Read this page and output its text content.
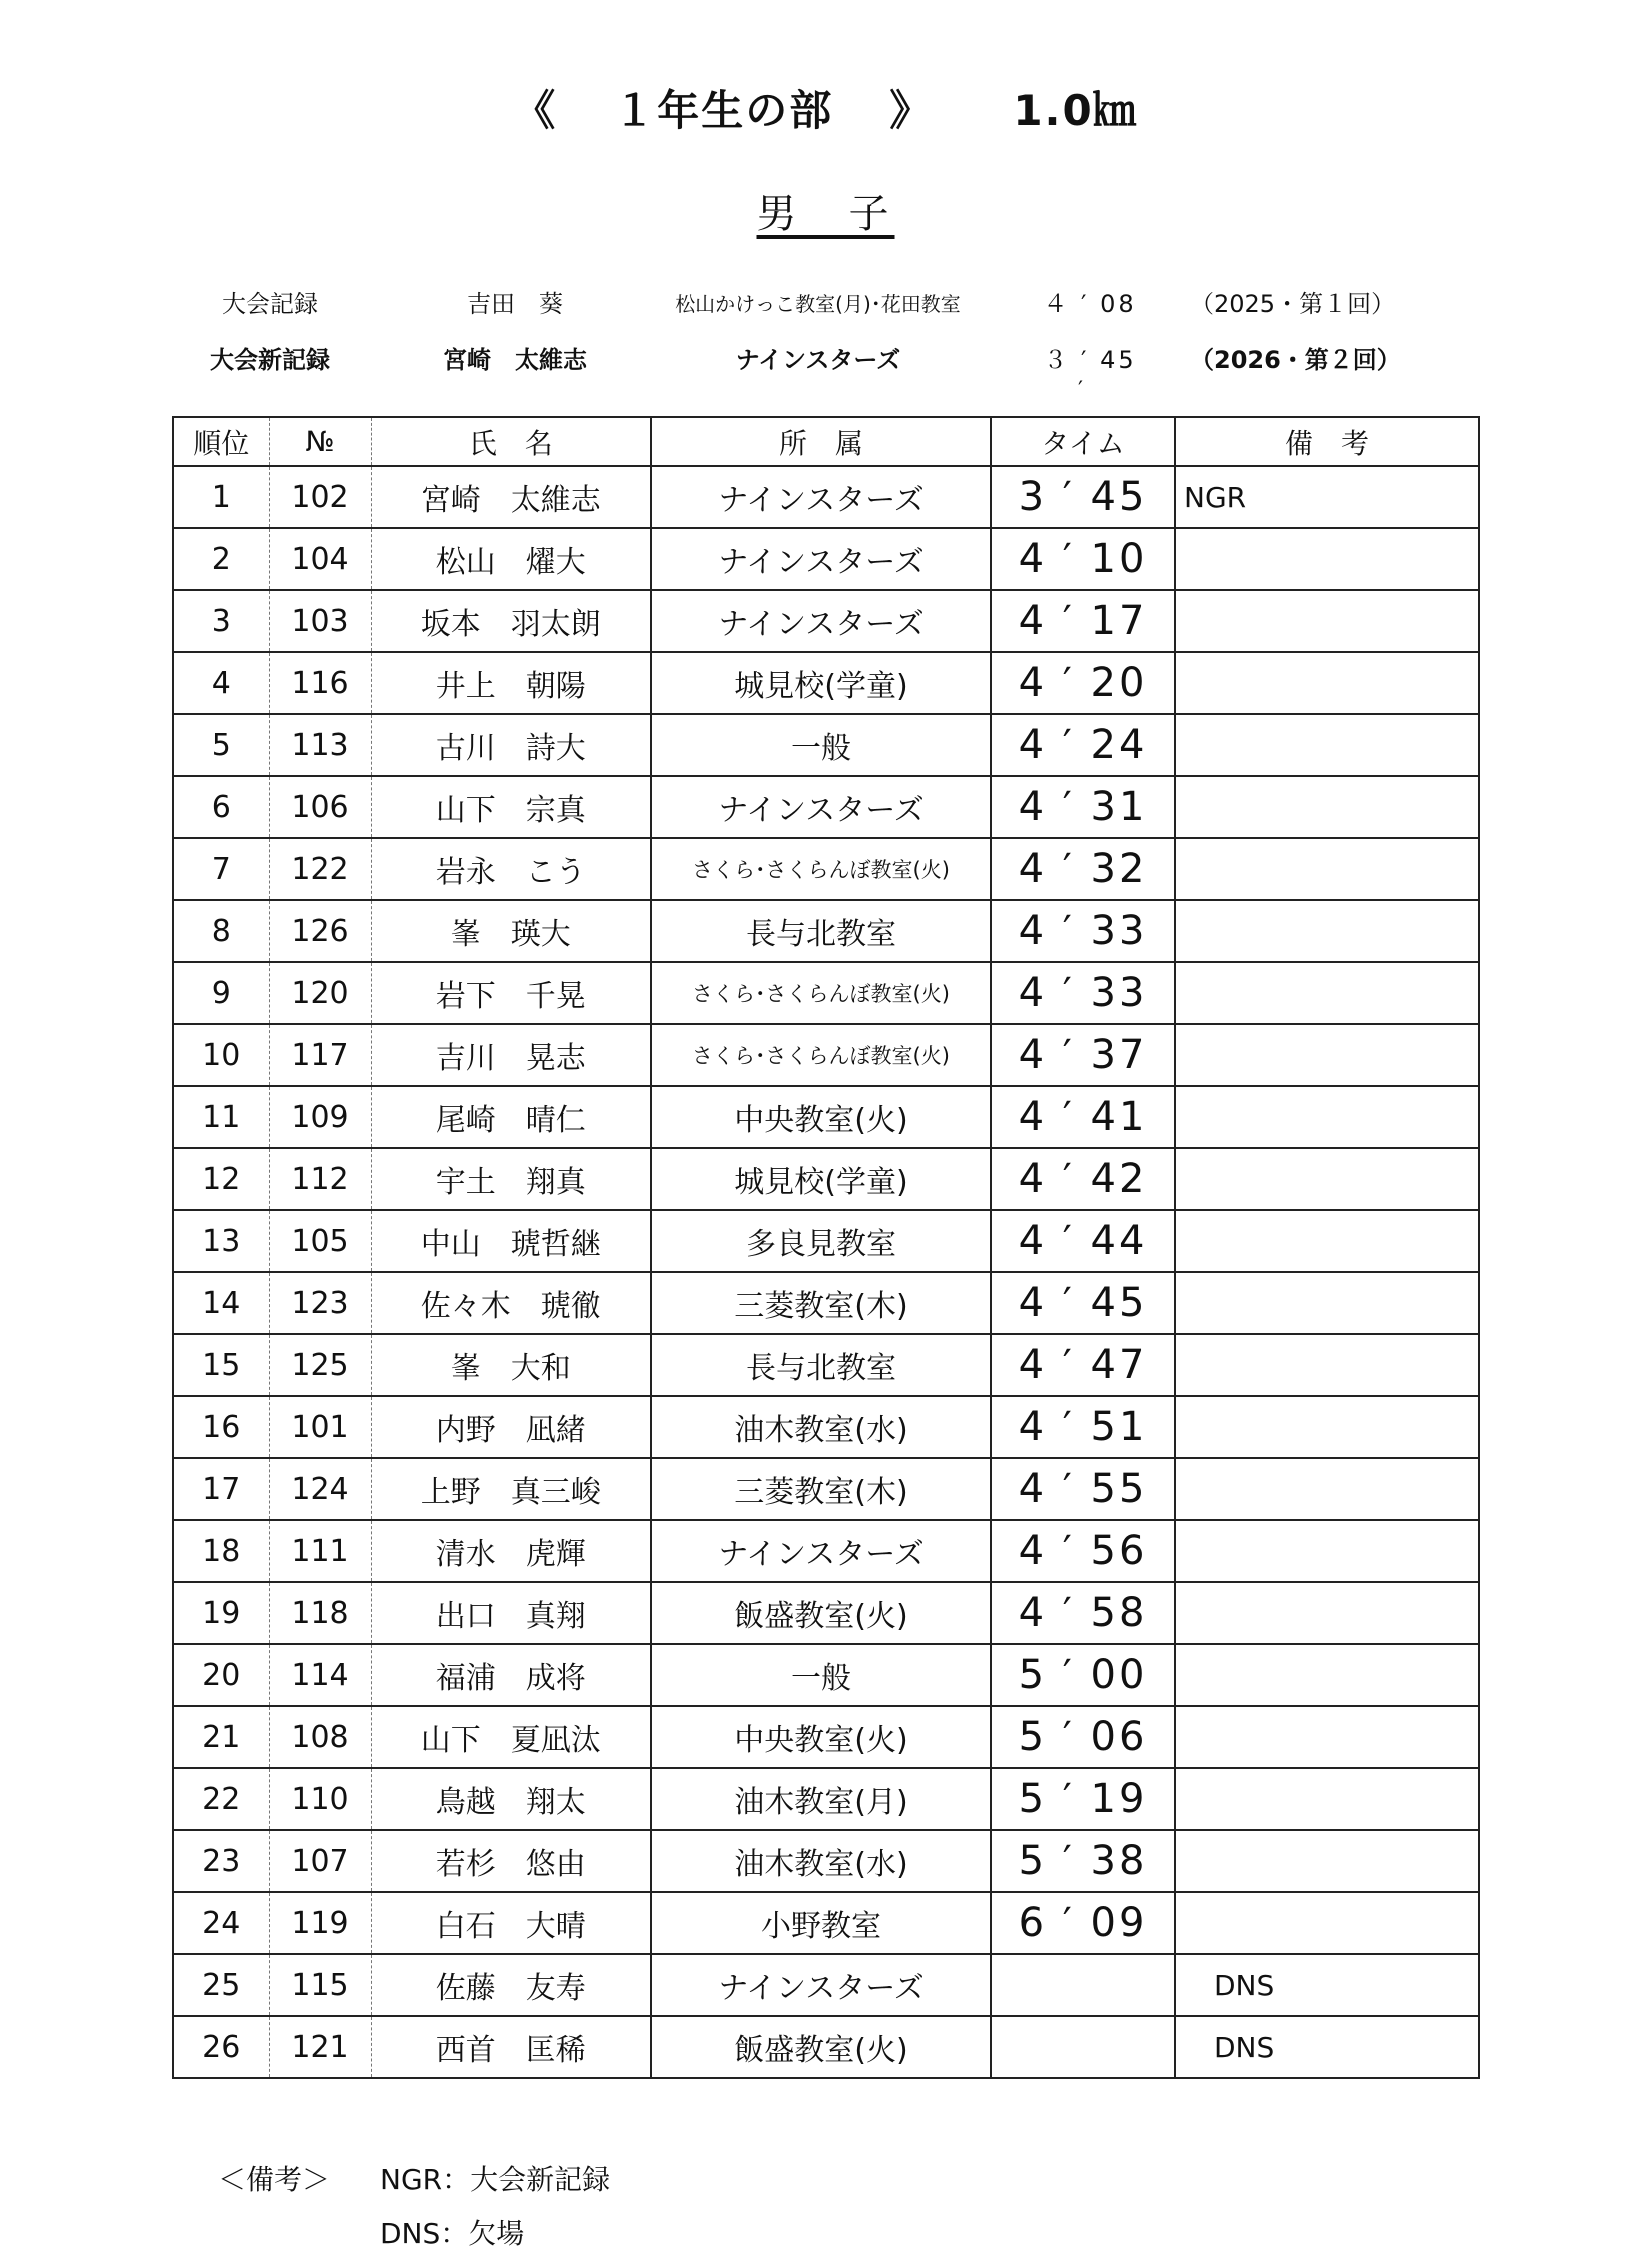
《 １年生の部 》 1.0㎞
男　子
大会記録	吉田　葵	松山かけっこ教室(月)･花田教室	４ ′ 08	（2025・第１回）
大会新記録	宮崎　太維志	ナインスターズ	３ ′ 45	（2026・第２回）
′
順位	№	氏　名	所　属	タイム	備　考
1	102	宮崎　太維志	ナインスターズ	3 ′ 45	NGR
2	104	松山　燿大	ナインスターズ	4 ′ 10	
3	103	坂本　羽太朗	ナインスターズ	4 ′ 17	
4	116	井上　朝陽	城見校(学童)	4 ′ 20	
5	113	古川　詩大	一般	4 ′ 24	
6	106	山下　宗真	ナインスターズ	4 ′ 31	
7	122	岩永　こう	さくら･さくらんぼ教室(火)	4 ′ 32	
8	126	峯　瑛大	長与北教室	4 ′ 33	
9	120	岩下　千晃	さくら･さくらんぼ教室(火)	4 ′ 33	
10	117	吉川　晃志	さくら･さくらんぼ教室(火)	4 ′ 37	
11	109	尾崎　晴仁	中央教室(火)	4 ′ 41	
12	112	宇土　翔真	城見校(学童)	4 ′ 42	
13	105	中山　琥哲継	多良見教室	4 ′ 44	
14	123	佐々木　琥徹	三菱教室(木)	4 ′ 45	
15	125	峯　大和	長与北教室	4 ′ 47	
16	101	内野　凪緒	油木教室(水)	4 ′ 51	
17	124	上野　真三峻	三菱教室(木)	4 ′ 55	
18	111	清水　虎輝	ナインスターズ	4 ′ 56	
19	118	出口　真翔	飯盛教室(火)	4 ′ 58	
20	114	福浦　成将	一般	5 ′ 00	
21	108	山下　夏凪汰	中央教室(火)	5 ′ 06	
22	110	鳥越　翔太	油木教室(月)	5 ′ 19	
23	107	若杉　悠由	油木教室(水)	5 ′ 38	
24	119	白石　大晴	小野教室	6 ′ 09	
25	115	佐藤　友寿	ナインスターズ		DNS
26	121	西首　匡稀	飯盛教室(火)		DNS
＜備考＞ NGR：大会新記録
DNS：欠場
